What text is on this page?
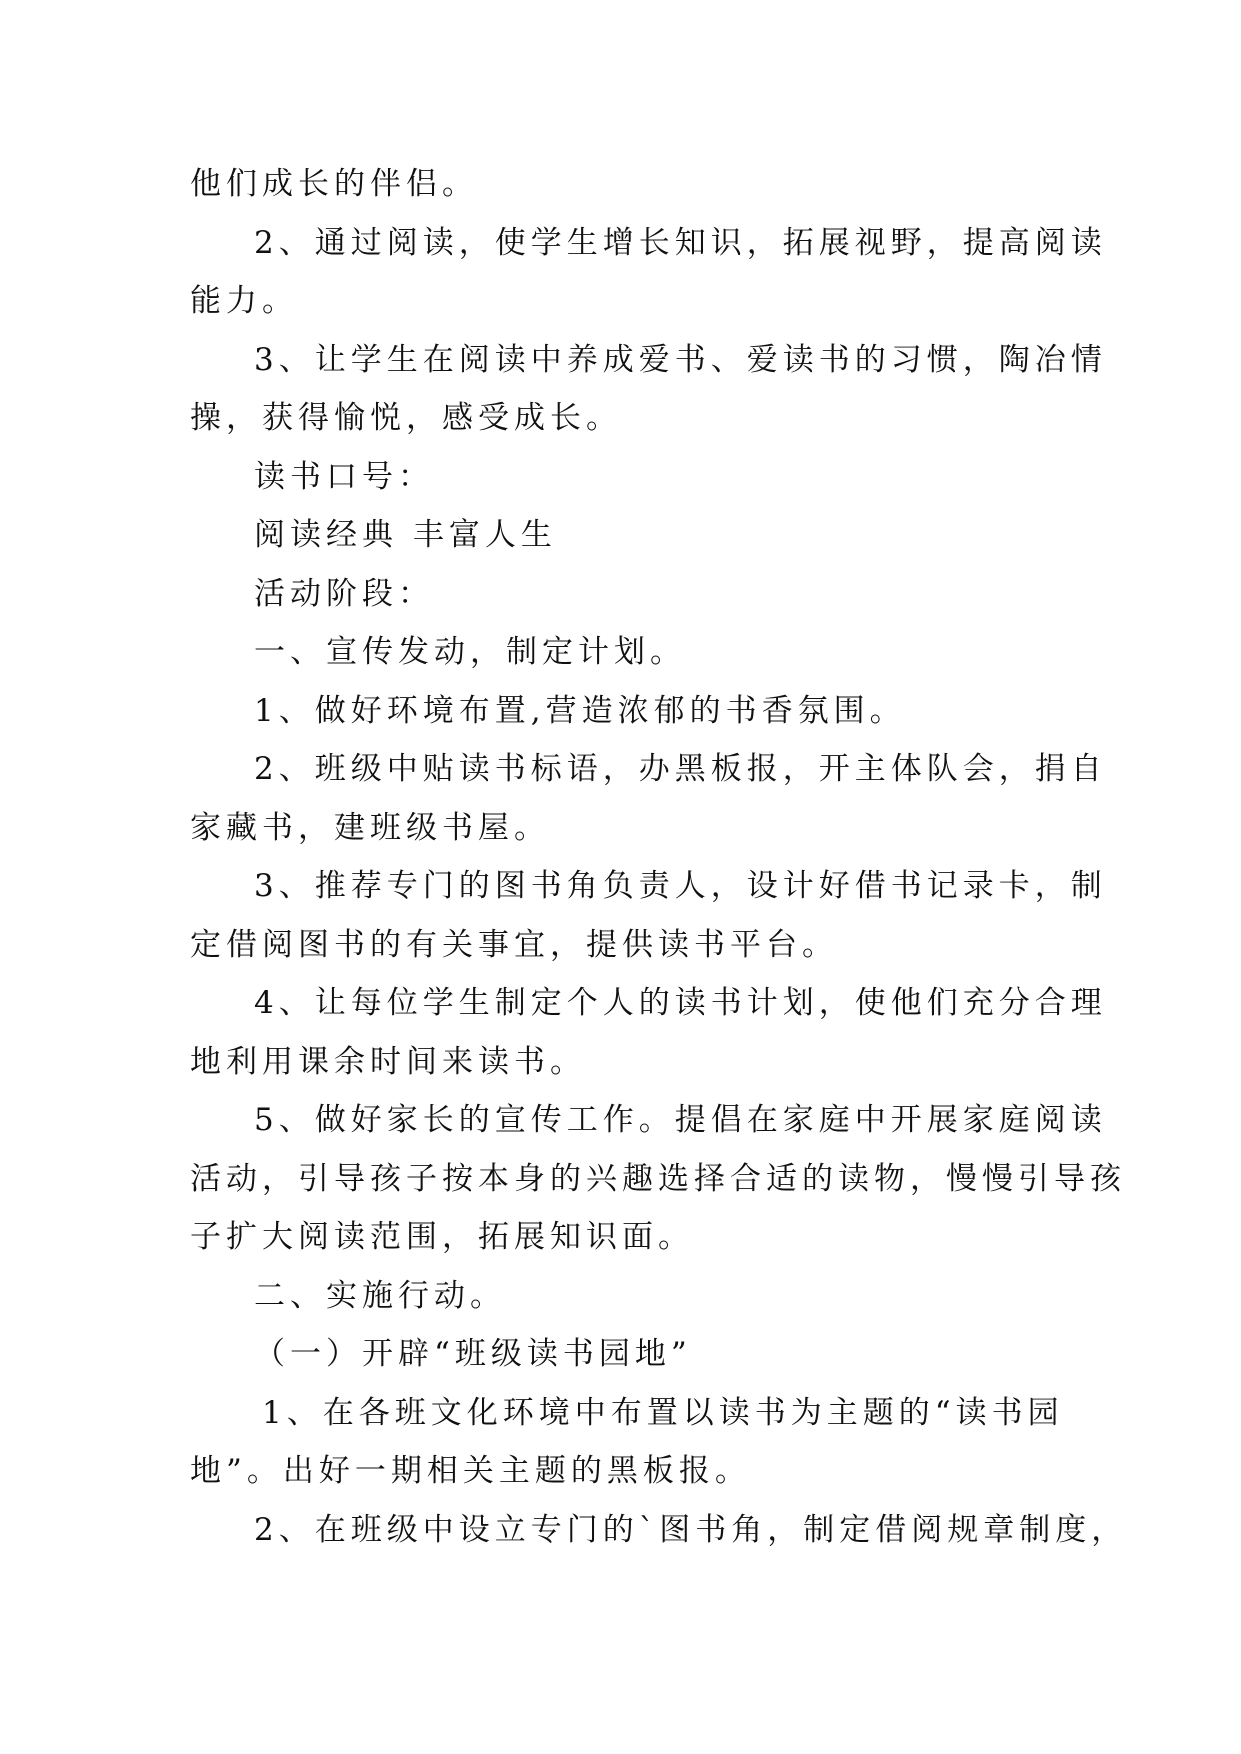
他们成长的伴侣。
2、通过阅读，使学生增长知识，拓展视野，提高阅读
能力。
3、让学生在阅读中养成爱书、爱读书的习惯，陶冶情
操，获得愉悦，感受成长。
读书口号：
阅读经典 丰富人生
活动阶段：
一、宣传发动，制定计划。
1、做好环境布置,营造浓郁的书香氛围。
2、班级中贴读书标语，办黑板报，开主体队会，捐自
家藏书，建班级书屋。
3、推荐专门的图书角负责人，设计好借书记录卡，制
定借阅图书的有关事宜，提供读书平台。
4、让每位学生制定个人的读书计划，使他们充分合理
地利用课余时间来读书。
5、做好家长的宣传工作。提倡在家庭中开展家庭阅读
活动，引导孩子按本身的兴趣选择合适的读物，慢慢引导孩
子扩大阅读范围，拓展知识面。
二、实施行动。
（一）开辟“班级读书园地”
1、在各班文化环境中布置以读书为主题的“读书园
地”。出好一期相关主题的黑板报。
2、在班级中设立专门的`图书角，制定借阅规章制度，
